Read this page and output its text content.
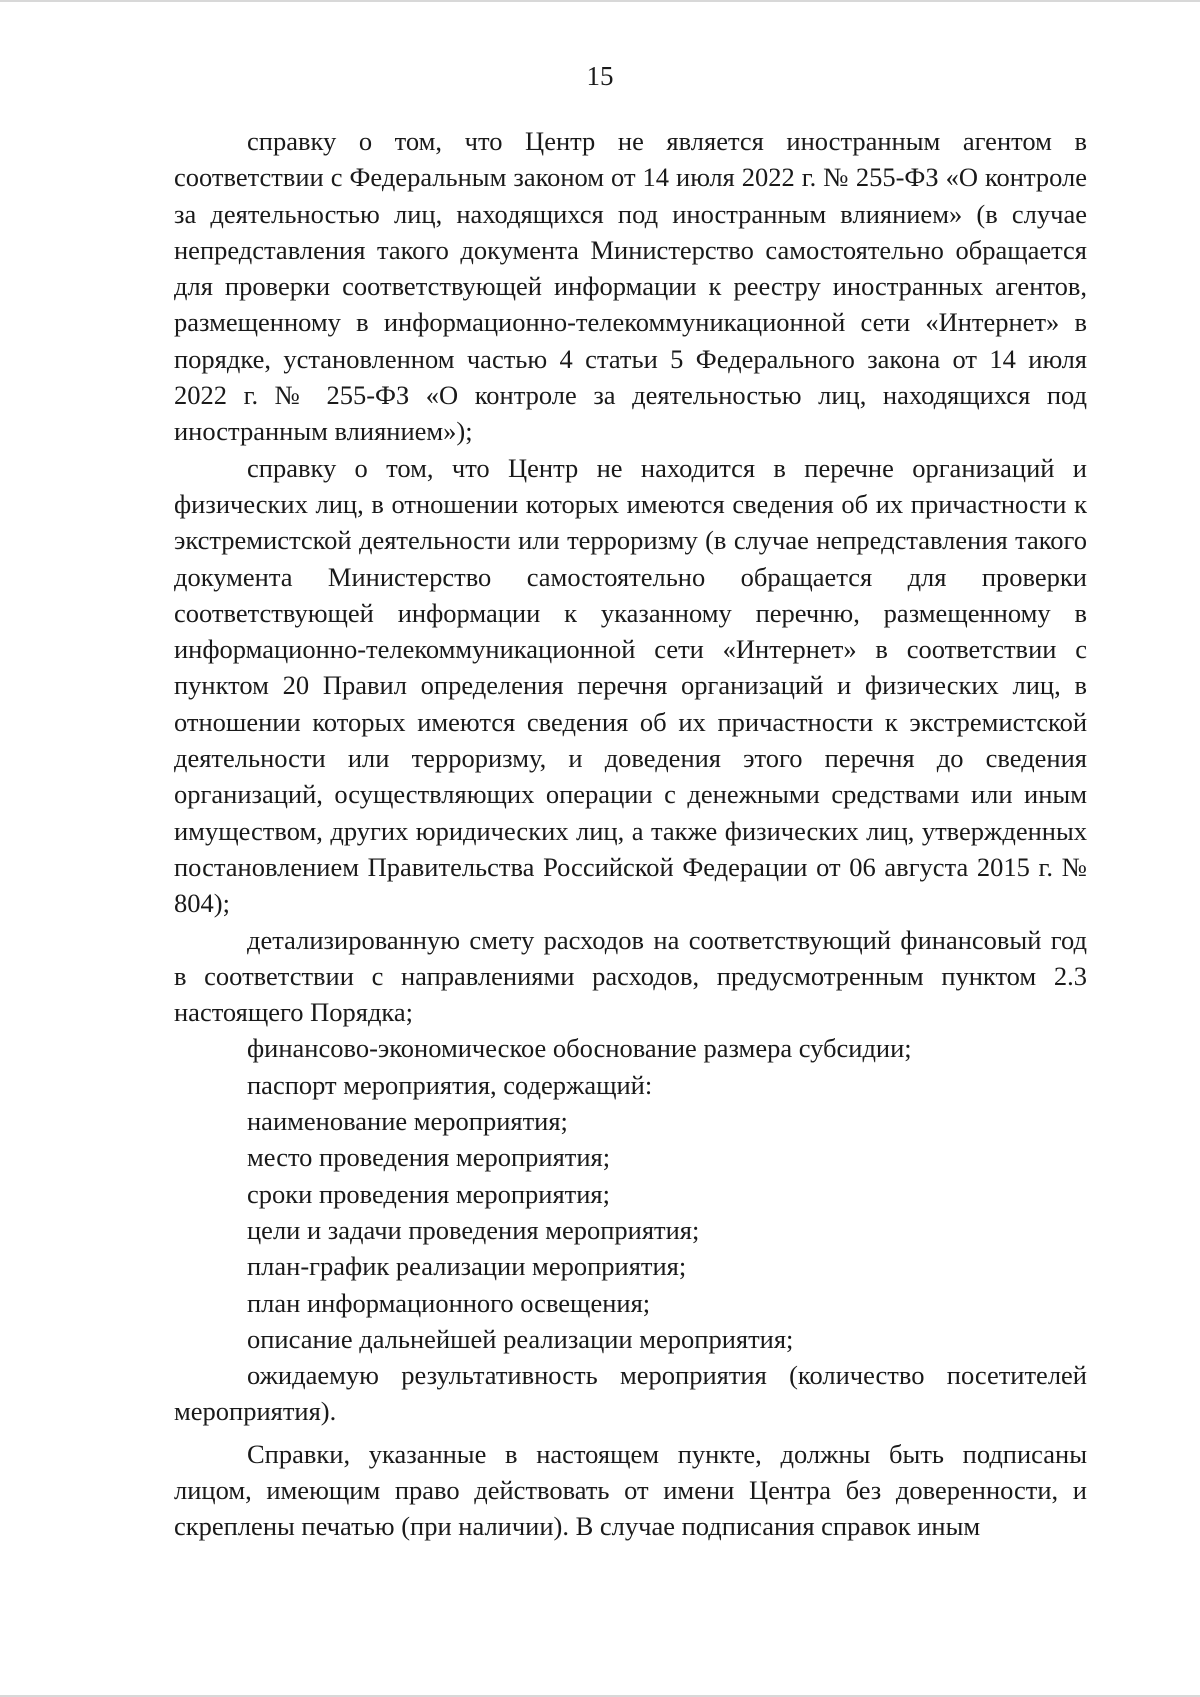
15

справку о том, что Центр не является иностранным агентом в соответствии с Федеральным законом от 14 июля 2022 г. № 255-ФЗ «О контроле за деятельностью лиц, находящихся под иностранным влиянием» (в случае непредставления такого документа Министерство самостоятельно обращается для проверки соответствующей информации к реестру иностранных агентов, размещенному в информационно-телекоммуникационной сети «Интернет» в порядке, установленном частью 4 статьи 5 Федерального закона от 14 июля 2022 г. № 255-ФЗ «О контроле за деятельностью лиц, находящихся под иностранным влиянием»);

справку о том, что Центр не находится в перечне организаций и физических лиц, в отношении которых имеются сведения об их причастности к экстремистской деятельности или терроризму (в случае непредставления такого документа Министерство самостоятельно обращается для проверки соответствующей информации к указанному перечню, размещенному в информационно-телекоммуникационной сети «Интернет» в соответствии с пунктом 20 Правил определения перечня организаций и физических лиц, в отношении которых имеются сведения об их причастности к экстремистской деятельности или терроризму, и доведения этого перечня до сведения организаций, осуществляющих операции с денежными средствами или иным имуществом, других юридических лиц, а также физических лиц, утвержденных постановлением Правительства Российской Федерации от 06 августа 2015 г. № 804);

детализированную смету расходов на соответствующий финансовый год в соответствии с направлениями расходов, предусмотренным пунктом 2.3 настоящего Порядка;

финансово-экономическое обоснование размера субсидии;

паспорт мероприятия, содержащий:

наименование мероприятия;

место проведения мероприятия;

сроки проведения мероприятия;

цели и задачи проведения мероприятия;

план-график реализации мероприятия;

план информационного освещения;

описание дальнейшей реализации мероприятия;

ожидаемую результативность мероприятия (количество посетителей мероприятия).

Справки, указанные в настоящем пункте, должны быть подписаны лицом, имеющим право действовать от имени Центра без доверенности, и скреплены печатью (при наличии). В случае подписания справок иным
